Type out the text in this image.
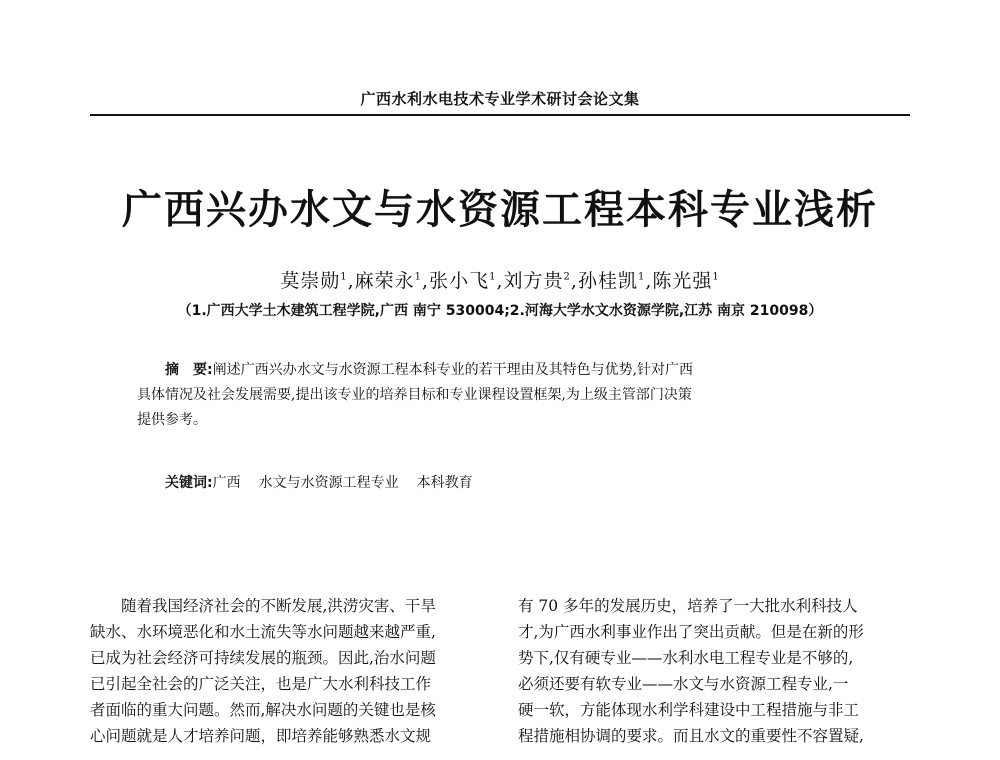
广西水利水电技术专业学术研讨会论文集
广西兴办水文与水资源工程本科专业浅析
莫崇勋$^1$,麻荣永$^1$,张小飞$^1$,刘方贵$^2$,孙桂凯$^1$,陈光强$^1$
（1.广西大学土木建筑工程学院,广西 南宁 530004;2.河海大学水文水资源学院,江苏 南京 210098）
摘　要:阐述广西兴办水文与水资源工程本科专业的若干理由及其特色与优势,针对广西
具体情况及社会发展需要,提出该专业的培养目标和专业课程设置框架,为上级主管部门决策
提供参考。
关键词:广西 水文与水资源工程专业 本科教育
随着我国经济社会的不断发展,洪涝灾害、干旱
缺水、水环境恶化和水土流失等水问题越来越严重,
已成为社会经济可持续发展的瓶颈。因此,治水问题
已引起全社会的广泛关注，也是广大水利科技工作
者面临的重大问题。然而,解决水问题的关键也是核
心问题就是人才培养问题，即培养能够熟悉水文规
有 70 多年的发展历史，培养了一大批水利科技人
才,为广西水利事业作出了突出贡献。但是在新的形
势下,仅有硬专业——水利水电工程专业是不够的,
必须还要有软专业——水文与水资源工程专业,一
硬一软，方能体现水利学科建设中工程措施与非工
程措施相协调的要求。而且水文的重要性不容置疑,
